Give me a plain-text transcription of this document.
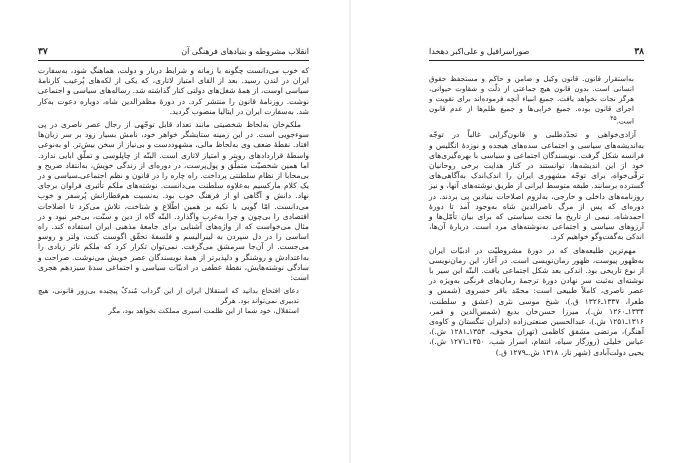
انقلاب مشروطه و بنیادهای فرهنگی آن
۳۷

که خوب می‌دانست چگونه با زمانه و شرایط دربار و دولت، هماهنگ شود، به‌سفارت ایران در لندن رسید. بعد از القای امتیاز لاتاری، که یکی از لکه‌های پُرعیب کارنامهٔ سیاسی اوست، از همهٔ شغل‌های دولتی کنار گذاشته شد. رساله‌های سیاسی و اجتماعی نوشت. روزنامهٔ قانون را منتشر کرد. در دورهٔ مظفرالدین شاه، دوباره دعوت به‌کار شد. به‌سفارت ایران در ایتالیا منصوب گردید.

ملکم‌خان به‌لحاظ شخصیتی مانند تعداد قابل توجّهی از رجال عصر ناصری در پی سوءجویی است. در این زمینه ستایشگر خواهر خود، نامش بسیار زود بر سر زبان‌ها افتاد. نقطهٔ ضعف وی به‌لحاظ مالی، مشهوددست و بی‌نیاز از سخن بیش‌تر. او به‌نوعی واسطهٔ قراردادهای رویتر و امتیاز لاتاری است. البتّه از چاپلوسی و تملّق ابایی ندارد. اما همین شخصیّت متملّق و پول‌پرست، در دوره‌ای از زندگی خویش، به‌انتقاد صریح و بی‌محابا از نظام سلطنتی پرداخت. راه چاره را در قانون و نظم اجتماعی‌ـ‌سیاسی و در یک کلام مارکسیم به‌علاوه سلطنت می‌دانست. نوشته‌های ملکم تأثیری فراوان برجای نهاد. دانش و آگاهی او از فرهنگ خوب بود. به‌نسبت هم‌قطارانش پُرسفر و خوب می‌دانست. امّا گویی با تکیه بر همین اطّلاع و شناخت، تلاش می‌کرد تا اصلاحات اقتصادی را بی‌چون و چرا به‌غرب واگذارد. البتّه گاه از دین و سنّت، بی‌خبر نبود و در مثال می‌خواست که از واژه‌های آشنایی برای جامعهٔ مذهبی ایران استفاده کند. راه اساسی را در دل سپردن به لیبرالیسم و فلسفهٔ تحقّق اگوست کنت، ولتر و روسو می‌جست. از آن‌جا سرمشق می‌گرفت. نمی‌توان تکرار کرد که ملکم تاثر زیادی را به‌اعتدادش و روشنگر و دلپذیرتر از همهٔ نویسندگان عصر خویش می‌نوشت. صراحت و سادگی نوشته‌هایش، نقطهٔ عطفی در ادبیّات سیاسی و اجتماعی سدهٔ سیزدهم هجری است:

دعای افتخاع بدانید که استقلال ایران از این گرداب مُندکّ پیچیده بی‌زور قانونی، هیچ تدبیری نمی‌تواند بود. هرگز

استقلال، خود شما از این ظلمت اسیری مملکت نخواهد بود، مگر

۳۸
صوراسرافیل و علی‌اکبر دهخدا

به‌استقرار قانون. قانون وکیل و ضامن و حاکم و مستحفظ حقوق انسانی است. بدون قانون هیچ جماعتی از ذلّت و شقاوت حیوانی، هرگز نجات نخواهد یافت. جمیع انبیاء آنچه فرموده‌اند برای تقویت و اجرای قانون بوده. جمیع خرابی‌ها و جمیع ظلم‌ها از عدم قانون است.$^{۴۵}$

آزادی‌خواهی و تجدّدطلبی و قانون‌گرایی غالباً در توجّه به‌اندیشه‌های سیاسی و اجتماعی سده‌های هیجده و نوزدهٔ انگلیس و فرانسه شکل گرفت. نویسندگان اجتماعی و سیاسی با بهره‌گیری‌های خود از این اندیشه‌ها، توانستند در کنار هدایت برخی روحانیان ترقّی‌خواه، برای توجّه مشهوری ایران را اندک‌اندک به‌آگاهی‌های گسترده برسانند. طبقه متوسط ایرانی از طریق نوشته‌های آنها، و نیز روزنامه‌های داخلی و خارجی، به‌لزوم اصلاحات بنیادین پی بردند. در دوره‌ای که پس از مرگ ناصرالدین شاه به‌وجود آمد تا دورهٔ احمدشاه، نیمی از تاریخ ما تحت سیاستی که برای بیان تأمّل‌ها و آرزوهای سیاسی و اجتماعی به‌نوشته‌های مرد است. دربارهٔ آن‌ها، اندکی به‌گفت‌وگو خواهیم کرد.

مهم‌ترین طلیعه‌های که در دورهٔ مشروطیّت در ادبیّات ایران به‌ظهور پیوست، ظهور رمان‌نویسی است. در آغاز، این رمان‌نویسی از نوع تاریخی بود. اندکی بعد شکل اجتماعی یافت. البتّه این سیر با نوشته‌ای به‌ثبت سر نهادن دورهٔ ترجمهٔ رمان‌های فرنگی به‌ویژه در عصر ناصری، کاملاً طبیعی است: محمّد باقر خسروی (شمس و طغرا، ۱۳۳۷ـ۱۳۲۶ ق.)، شیخ موسی نثری (عشق و سلطنت، ۱۳۳۴ـ۱۲۶۰ ش.)، میرزا حسن‌خان بدیع (شمس‌الدین و قمر، ۱۳۱۶ـ۱۲۵۱ ش.)، عبدالحسین صنعتی‌زاده (دلیران تنگستان و کاوه‌ی آهنگر)، مرتضی مشفق کاظمی (تهران مخوف، ۱۳۵۴ـ۱۲۸۱ ش.)، عباس خلیلی (روزگار سیاه، انتقام، اسرار شب، ۱۳۵۰ـ۱۲۷۱ ش.)، یحیی دولت‌آبادی (شهر ناز، ۱۳۱۸ ش.ـ۱۲۷۹ ق.)
